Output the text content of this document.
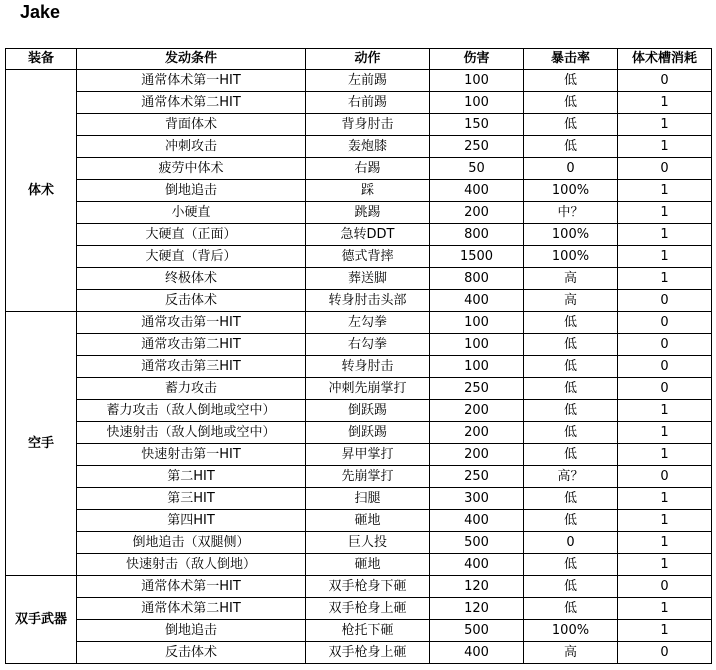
Jake
装备	发动条件	动作	伤害	暴击率	体术槽消耗
体术	通常体术第一HIT	左前踢	100	低	0
	通常体术第二HIT	右前踢	100	低	1
	背面体术	背身肘击	150	低	1
	冲刺攻击	轰炮膝	250	低	1
	疲劳中体术	右踢	50	0	0
	倒地追击	踩	400	100%	1
	小硬直	跳踢	200	中？	1
	大硬直（正面）	急转DDT	800	100%	1
	大硬直（背后）	德式背摔	1500	100%	1
	终极体术	葬送脚	800	高	1
	反击体术	转身肘击头部	400	高	0
空手	通常攻击第一HIT	左勾拳	100	低	0
	通常攻击第二HIT	右勾拳	100	低	0
	通常攻击第三HIT	转身肘击	100	低	0
	蓄力攻击	冲刺先崩掌打	250	低	0
	蓄力攻击（敌人倒地或空中）	倒跃踢	200	低	1
	快速射击（敌人倒地或空中）	倒跃踢	200	低	1
	快速射击第一HIT	昇甲掌打	200	低	1
	第二HIT	先崩掌打	250	高？	0
	第三HIT	扫腿	300	低	1
	第四HIT	砸地	400	低	1
	倒地追击（双腿侧）	巨人投	500	0	1
	快速射击（敌人倒地）	砸地	400	低	1
双手武器	通常体术第一HIT	双手枪身下砸	120	低	0
	通常体术第二HIT	双手枪身上砸	120	低	1
	倒地追击	枪托下砸	500	100%	1
	反击体术	双手枪身上砸	400	高	0
